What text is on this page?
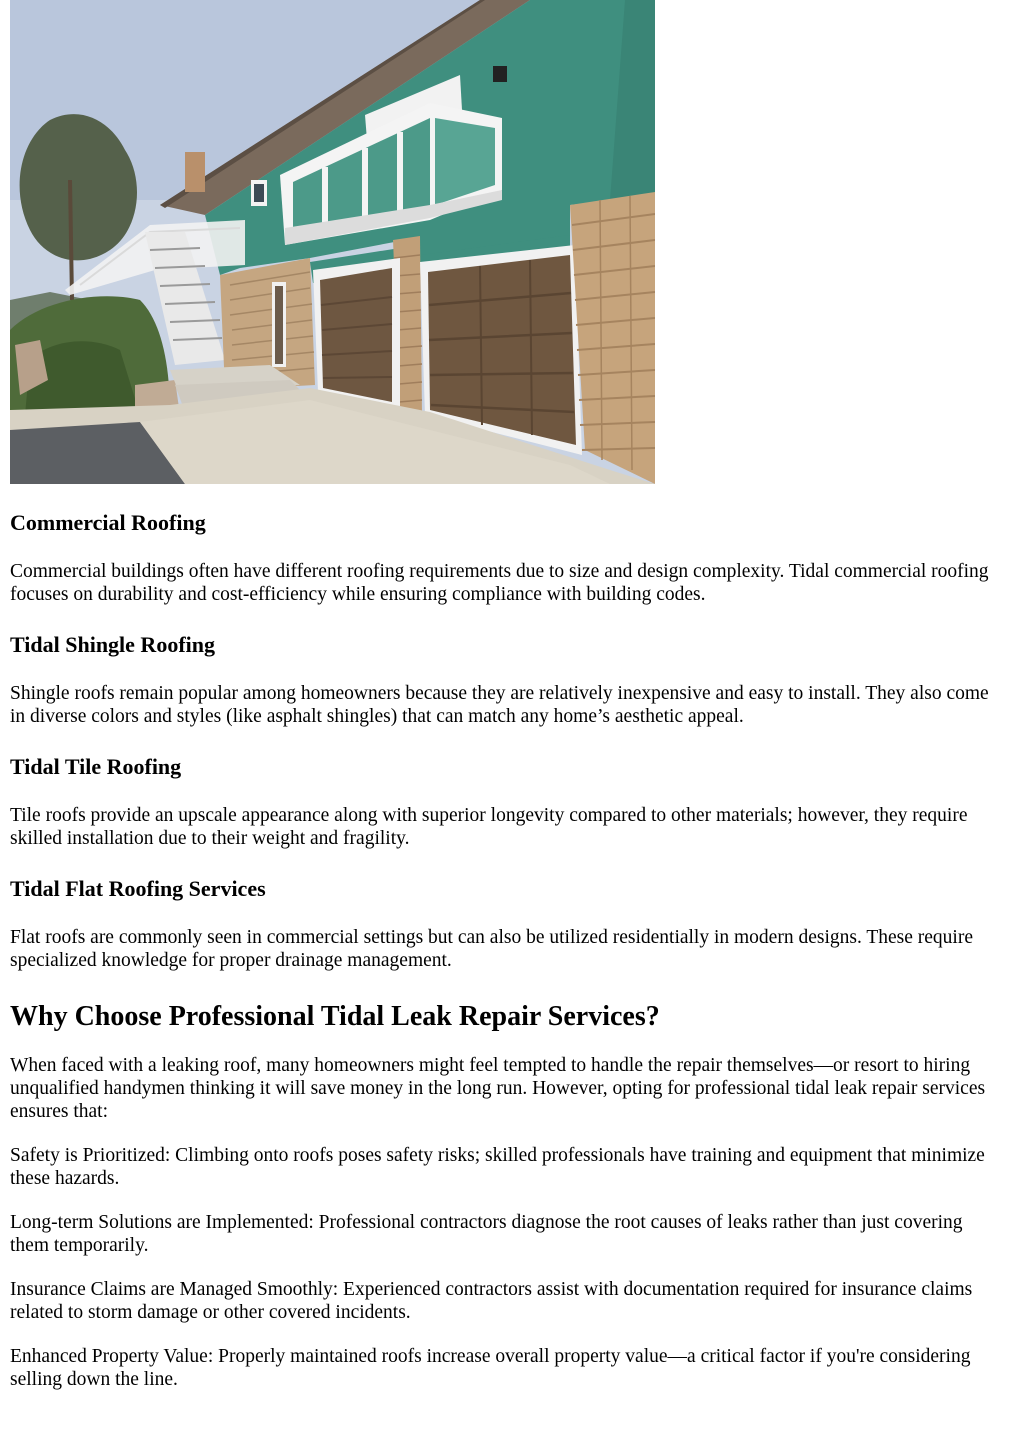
Commercial Roofing

Commercial buildings often have different roofing requirements due to size and design complexity. Tidal commercial roofing focuses on durability and cost-efficiency while ensuring compliance with building codes.

Tidal Shingle Roofing

Shingle roofs remain popular among homeowners because they are relatively inexpensive and easy to install. They also come in diverse colors and styles (like asphalt shingles) that can match any home’s aesthetic appeal.

Tidal Tile Roofing

Tile roofs provide an upscale appearance along with superior longevity compared to other materials; however, they require skilled installation due to their weight and fragility.

Tidal Flat Roofing Services

Flat roofs are commonly seen in commercial settings but can also be utilized residentially in modern designs. These require specialized knowledge for proper drainage management.

Why Choose Professional Tidal Leak Repair Services?

When faced with a leaking roof, many homeowners might feel tempted to handle the repair themselves—or resort to hiring unqualified handymen thinking it will save money in the long run. However, opting for professional tidal leak repair services ensures that:

Safety is Prioritized: Climbing onto roofs poses safety risks; skilled professionals have training and equipment that minimize these hazards.

Long-term Solutions are Implemented: Professional contractors diagnose the root causes of leaks rather than just covering them temporarily.

Insurance Claims are Managed Smoothly: Experienced contractors assist with documentation required for insurance claims related to storm damage or other covered incidents.

Enhanced Property Value: Properly maintained roofs increase overall property value—a critical factor if you're considering selling down the line.
